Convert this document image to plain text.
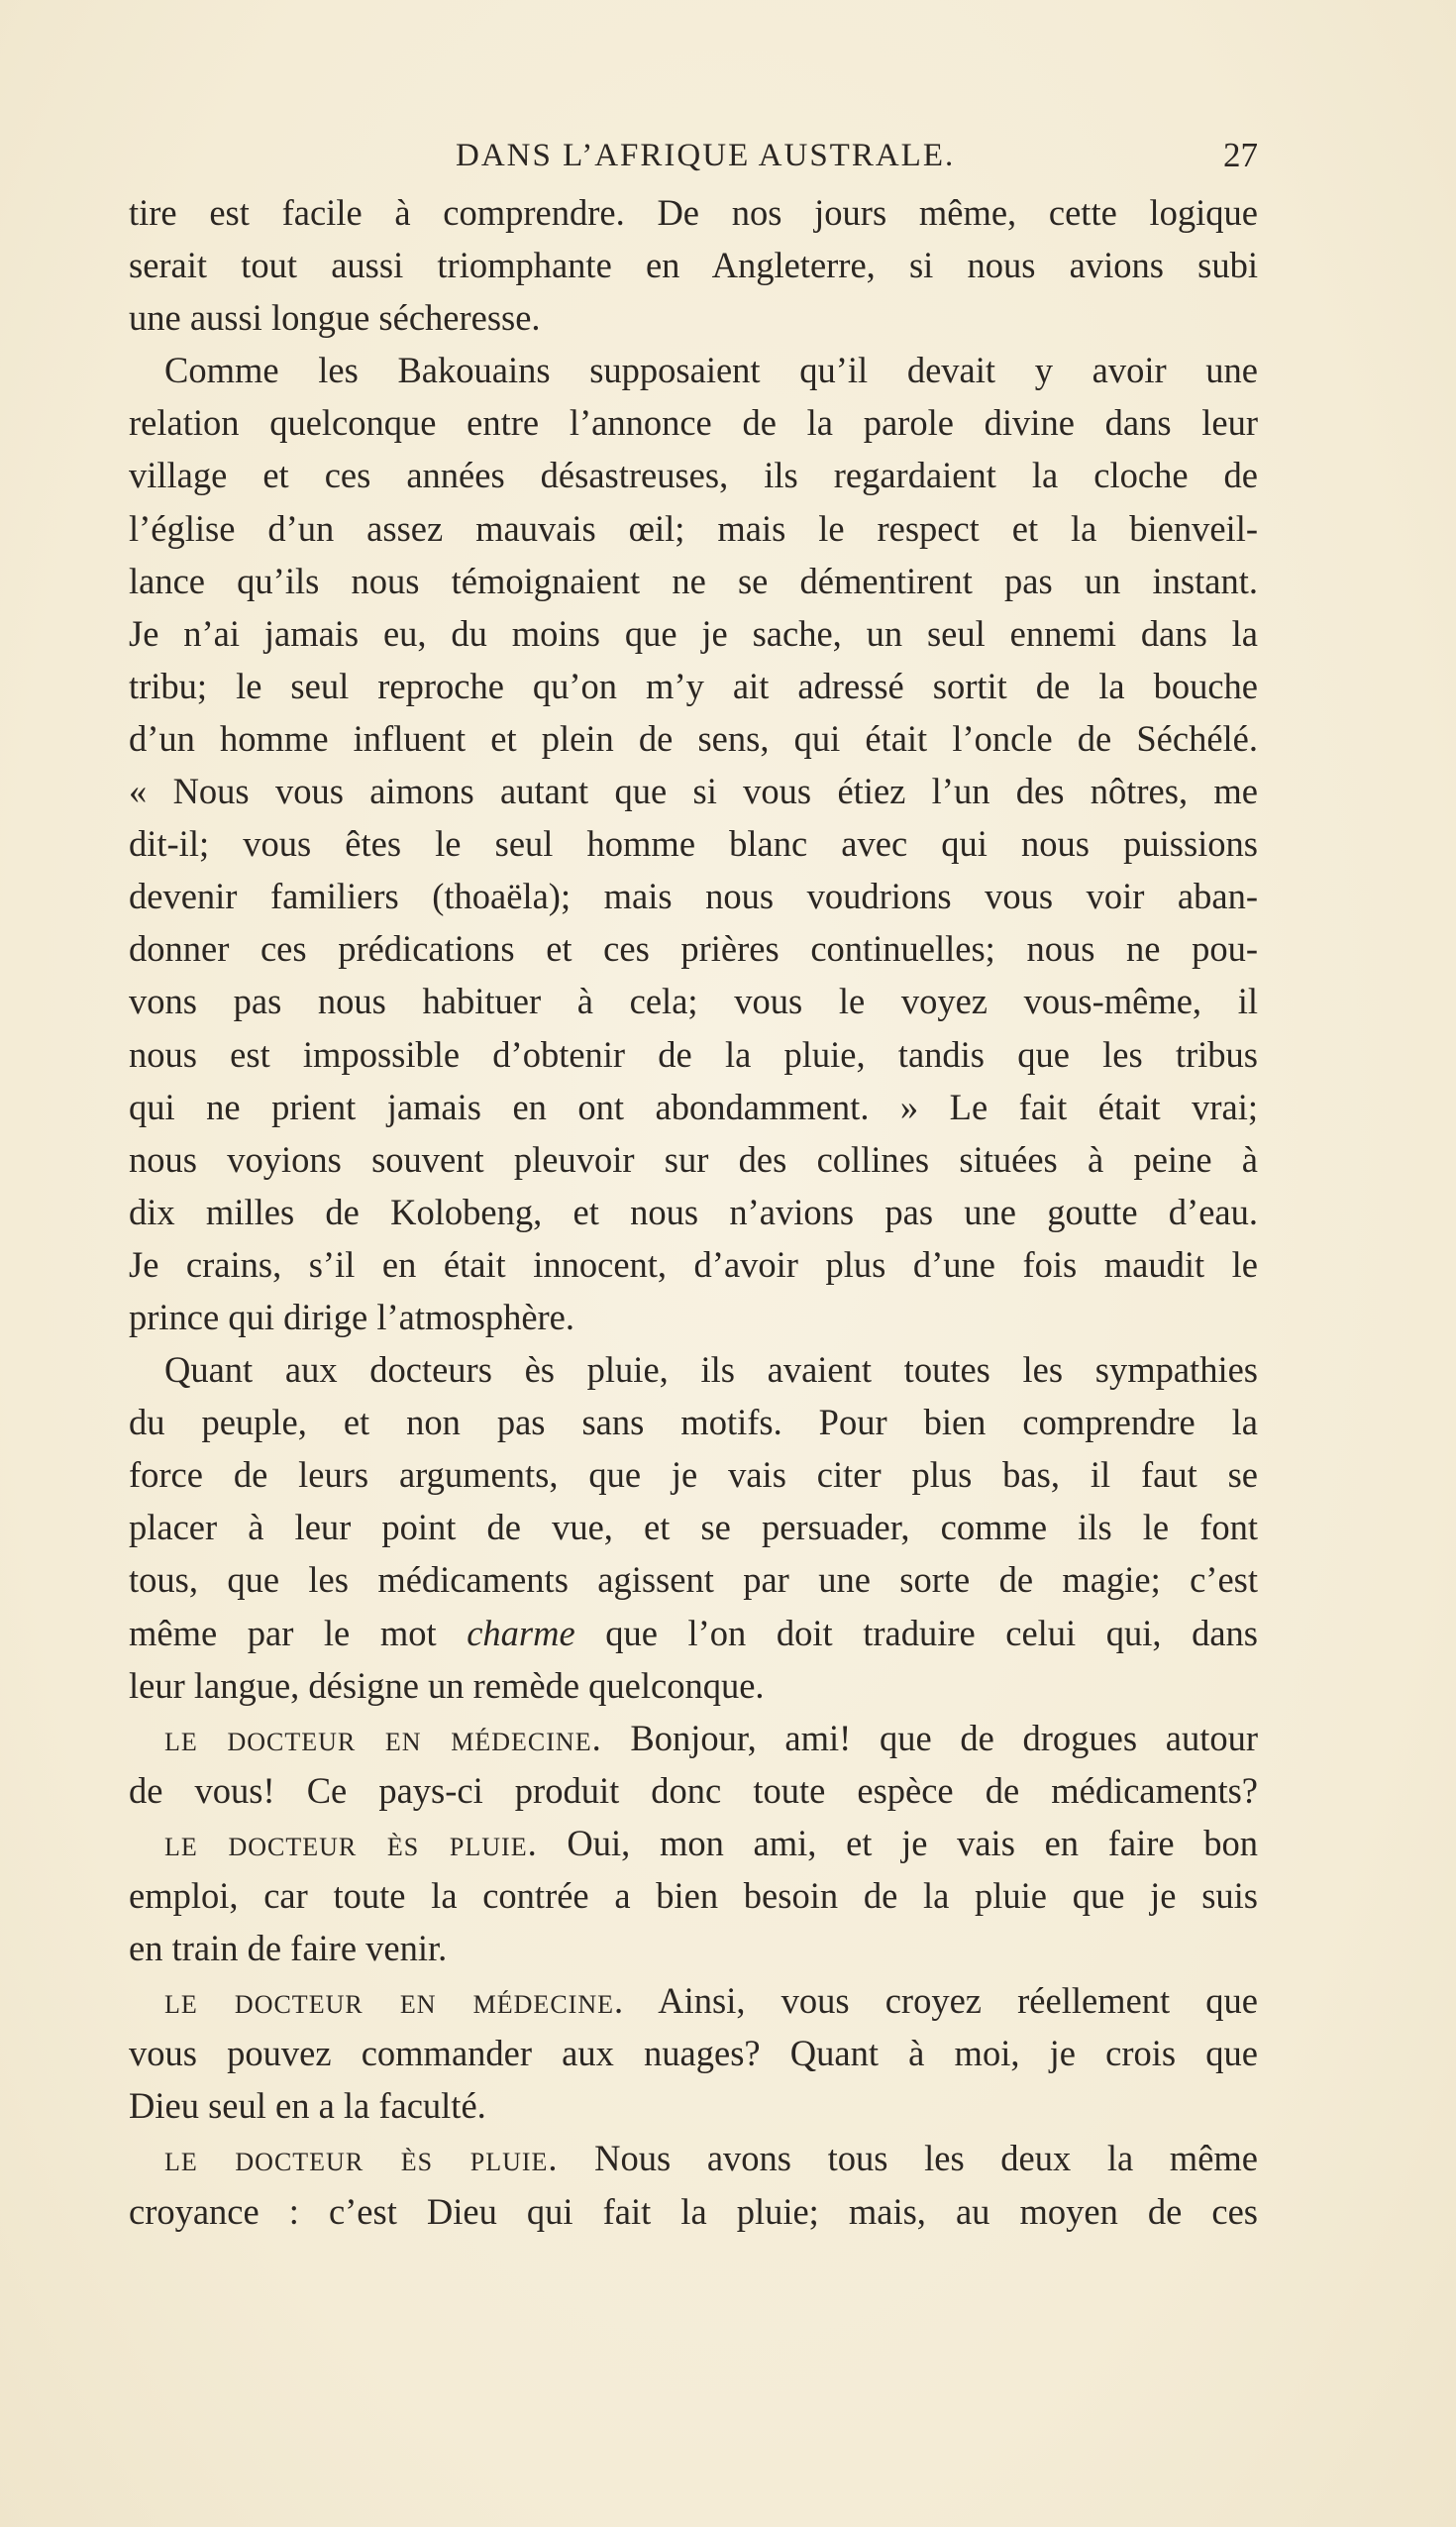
DANS L’AFRIQUE AUSTRALE.	27
tire est facile à comprendre. De nos jours même, cette logique
serait tout aussi triomphante en Angleterre, si nous avions subi
une aussi longue sécheresse.
Comme les Bakouains supposaient qu’il devait y avoir une
relation quelconque entre l’annonce de la parole divine dans leur
village et ces années désastreuses, ils regardaient la cloche de
l’église d’un assez mauvais œil; mais le respect et la bienveil-
lance qu’ils nous témoignaient ne se démentirent pas un instant.
Je n’ai jamais eu, du moins que je sache, un seul ennemi dans la
tribu; le seul reproche qu’on m’y ait adressé sortit de la bouche
d’un homme influent et plein de sens, qui était l’oncle de Séchélé.
« Nous vous aimons autant que si vous étiez l’un des nôtres, me
dit-il; vous êtes le seul homme blanc avec qui nous puissions
devenir familiers (thoaëla); mais nous voudrions vous voir aban-
donner ces prédications et ces prières continuelles; nous ne pou-
vons pas nous habituer à cela; vous le voyez vous-même, il
nous est impossible d’obtenir de la pluie, tandis que les tribus
qui ne prient jamais en ont abondamment. » Le fait était vrai;
nous voyions souvent pleuvoir sur des collines situées à peine à
dix milles de Kolobeng, et nous n’avions pas une goutte d’eau.
Je crains, s’il en était innocent, d’avoir plus d’une fois maudit le
prince qui dirige l’atmosphère.
Quant aux docteurs ès pluie, ils avaient toutes les sympathies
du peuple, et non pas sans motifs. Pour bien comprendre la
force de leurs arguments, que je vais citer plus bas, il faut se
placer à leur point de vue, et se persuader, comme ils le font
tous, que les médicaments agissent par une sorte de magie; c’est
même par le mot charme que l’on doit traduire celui qui, dans
leur langue, désigne un remède quelconque.
le docteur en médecine. Bonjour, ami! que de drogues autour
de vous! Ce pays-ci produit donc toute espèce de médicaments?
le docteur ès pluie. Oui, mon ami, et je vais en faire bon
emploi, car toute la contrée a bien besoin de la pluie que je suis
en train de faire venir.
le docteur en médecine. Ainsi, vous croyez réellement que
vous pouvez commander aux nuages? Quant à moi, je crois que
Dieu seul en a la faculté.
le docteur ès pluie. Nous avons tous les deux la même
croyance : c’est Dieu qui fait la pluie; mais, au moyen de ces
